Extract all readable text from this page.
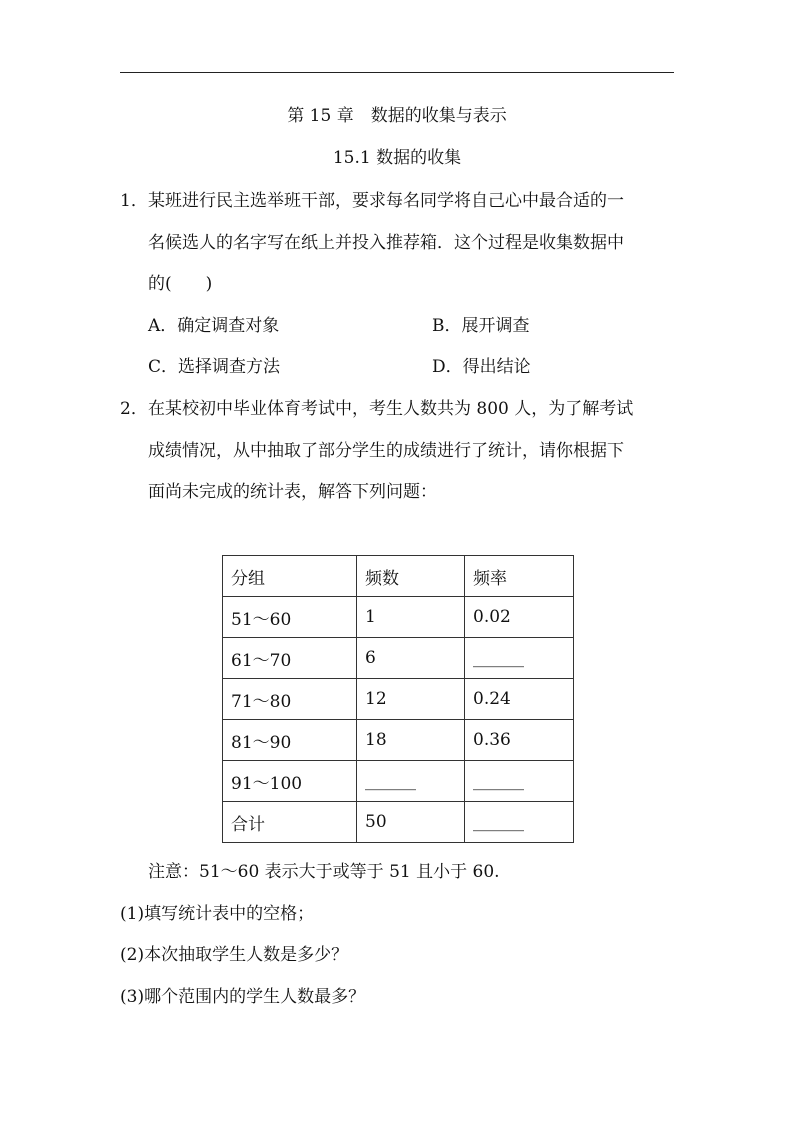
第 15 章　数据的收集与表示
15.1 数据的收集
1． 某班进行民主选举班干部，要求每名同学将自己心中最合适的一
名候选人的名字写在纸上并投入推荐箱．这个过程是收集数据中
的(　　)
A．确定调查对象	B．展开调查
C．选择调查方法	D．得出结论
2． 在某校初中毕业体育考试中，考生人数共为 800 人，为了解考试
成绩情况，从中抽取了部分学生的成绩进行了统计，请你根据下
面尚未完成的统计表，解答下列问题：
分组	频数	频率
51～60	1	0.02
61～70	6	______
71～80	12	0.24
81～90	18	0.36
91～100	______	______
合计	50	______
注意：51～60 表示大于或等于 51 且小于 60.
(1)填写统计表中的空格；
(2)本次抽取学生人数是多少？
(3)哪个范围内的学生人数最多？
